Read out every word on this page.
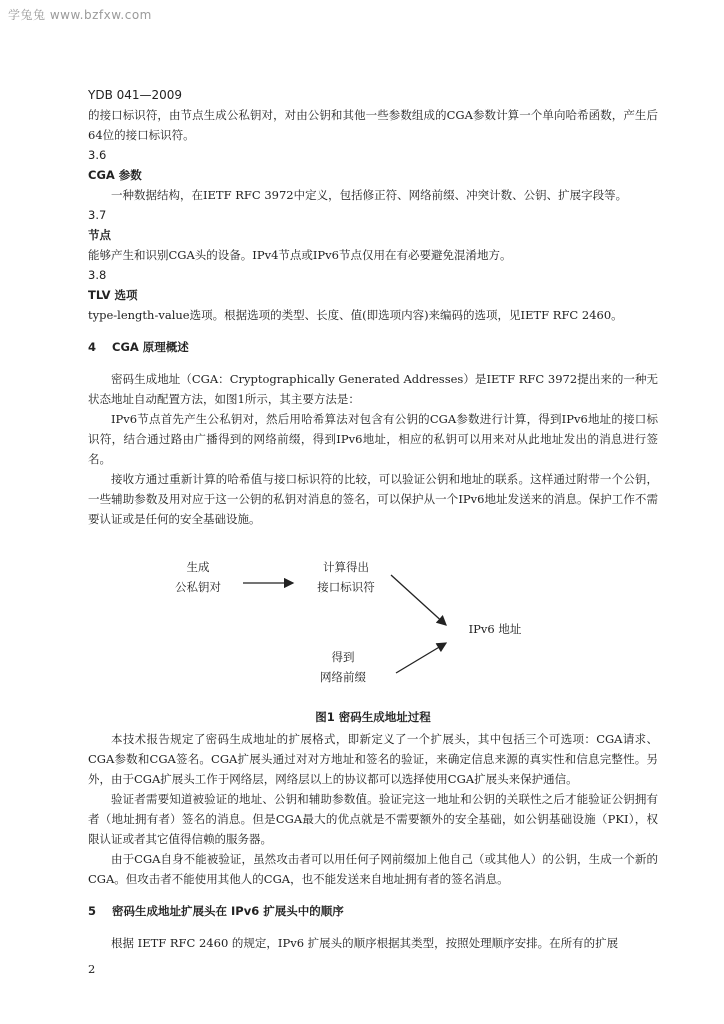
学兔兔 www.bzfxw.com
YDB 041—2009

的接口标识符，由节点生成公私钥对，对由公钥和其他一些参数组成的CGA参数计算一个单向哈希函数，产生后64位的接口标识符。

3.6

CGA 参数

一种数据结构，在IETF RFC 3972中定义，包括修正符、网络前缀、冲突计数、公钥、扩展字段等。

3.7

节点

能够产生和识别CGA头的设备。IPv4节点或IPv6节点仅用在有必要避免混淆地方。

3.8

TLV 选项

type-length-value选项。根据选项的类型、长度、值(即选项内容)来编码的选项，见IETF RFC 2460。

4 CGA 原理概述

密码生成地址（CGA：Cryptographically Generated Addresses）是IETF RFC 3972提出来的一种无状态地址自动配置方法，如图1所示，其主要方法是：

IPv6节点首先产生公私钥对，然后用哈希算法对包含有公钥的CGA参数进行计算，得到IPv6地址的接口标识符，结合通过路由广播得到的网络前缀，得到IPv6地址，相应的私钥可以用来对从此地址发出的消息进行签名。

接收方通过重新计算的哈希值与接口标识符的比较，可以验证公钥和地址的联系。这样通过附带一个公钥，一些辅助参数及用对应于这一公钥的私钥对消息的签名，可以保护从一个IPv6地址发送来的消息。保护工作不需要认证或是任何的安全基础设施。

生成
公私钥对
计算得出
接口标识符
得到
网络前缀
IPv6 地址

图1 密码生成地址过程

本技术报告规定了密码生成地址的扩展格式，即新定义了一个扩展头，其中包括三个可选项：CGA请求、CGA参数和CGA签名。CGA扩展头通过对对方地址和签名的验证，来确定信息来源的真实性和信息完整性。另外，由于CGA扩展头工作于网络层，网络层以上的协议都可以选择使用CGA扩展头来保护通信。

验证者需要知道被验证的地址、公钥和辅助参数值。验证完这一地址和公钥的关联性之后才能验证公钥拥有者（地址拥有者）签名的消息。但是CGA最大的优点就是不需要额外的安全基础，如公钥基础设施（PKI），权限认证或者其它值得信赖的服务器。

由于CGA自身不能被验证，虽然攻击者可以用任何子网前缀加上他自己（或其他人）的公钥，生成一个新的CGA。但攻击者不能使用其他人的CGA，也不能发送来自地址拥有者的签名消息。

5 密码生成地址扩展头在 IPv6 扩展头中的顺序

根据 IETF RFC 2460 的规定，IPv6 扩展头的顺序根据其类型，按照处理顺序安排。在所有的扩展

2
